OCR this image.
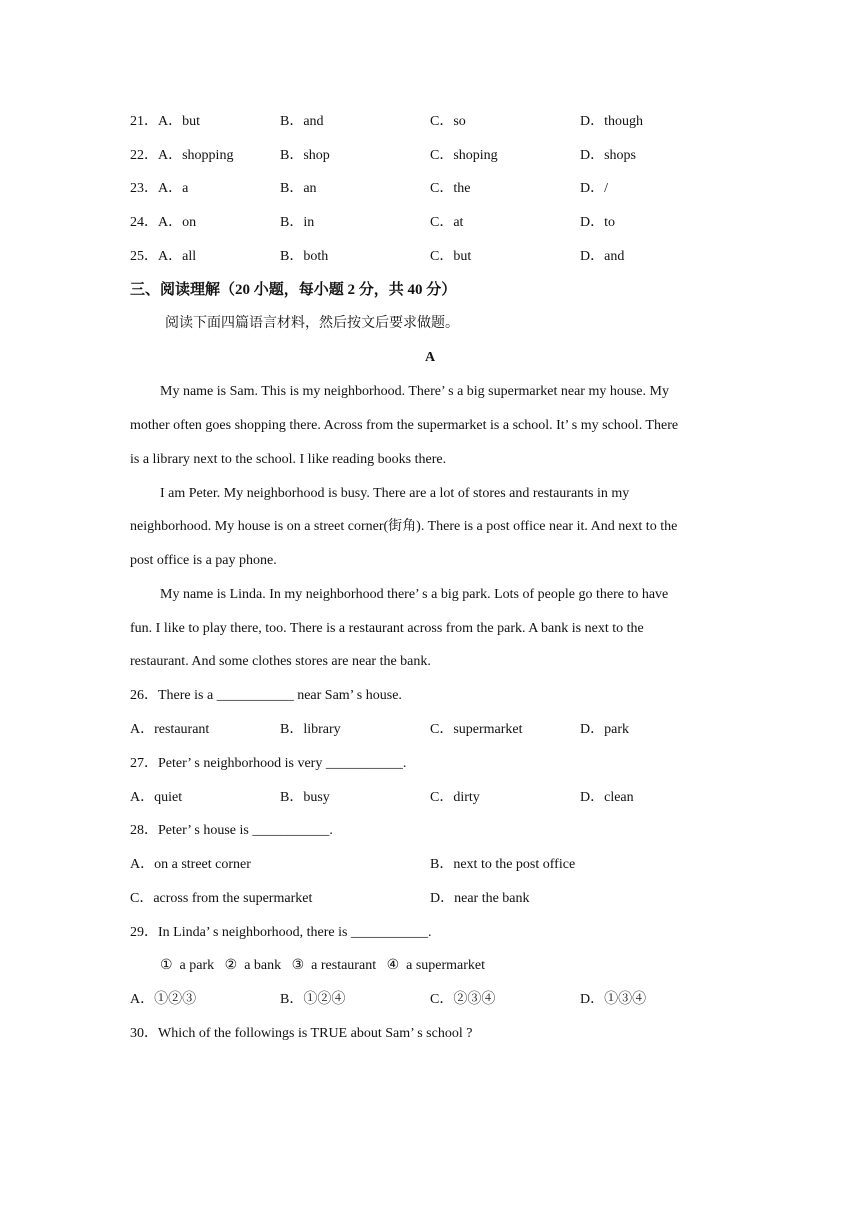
21．A．but	B．and	C．so	D．though
22．A．shopping	B．shop	C．shoping	D．shops
23．A．a	B．an	C．the	D．/
24．A．on	B．in	C．at	D．to
25．A．all	B．both	C．but	D．and
三、阅读理解（20 小题，每小题 2 分，共 40 分）
阅读下面四篇语言材料，然后按文后要求做题。
A
My name is Sam. This is my neighborhood. There’ s a big supermarket near my house. My
mother often goes shopping there. Across from the supermarket is a school. It’ s my school. There
is a library next to the school. I like reading books there.
I am Peter. My neighborhood is busy. There are a lot of stores and restaurants in my
neighborhood. My house is on a street corner(街角). There is a post office near it. And next to the
post office is a pay phone.
My name is Linda. In my neighborhood there’ s a big park. Lots of people go there to have
fun. I like to play there, too. There is a restaurant across from the park. A bank is next to the
restaurant. And some clothes stores are near the bank.
26．There is a ___________ near Sam’ s house.
A．restaurant	B．library	C．supermarket	D．park
27．Peter’ s neighborhood is very ___________.
A．quiet	B．busy	C．dirty	D．clean
28．Peter’ s house is ___________.
A．on a street corner	B．next to the post office
C．across from the supermarket	D．near the bank
29．In Linda’ s neighborhood, there is ___________.
①  a park   ②  a bank   ③  a restaurant   ④  a supermarket
A．①②③	B．①②④	C．②③④	D．①③④
30．Which of the followings is TRUE about Sam’ s school ?
